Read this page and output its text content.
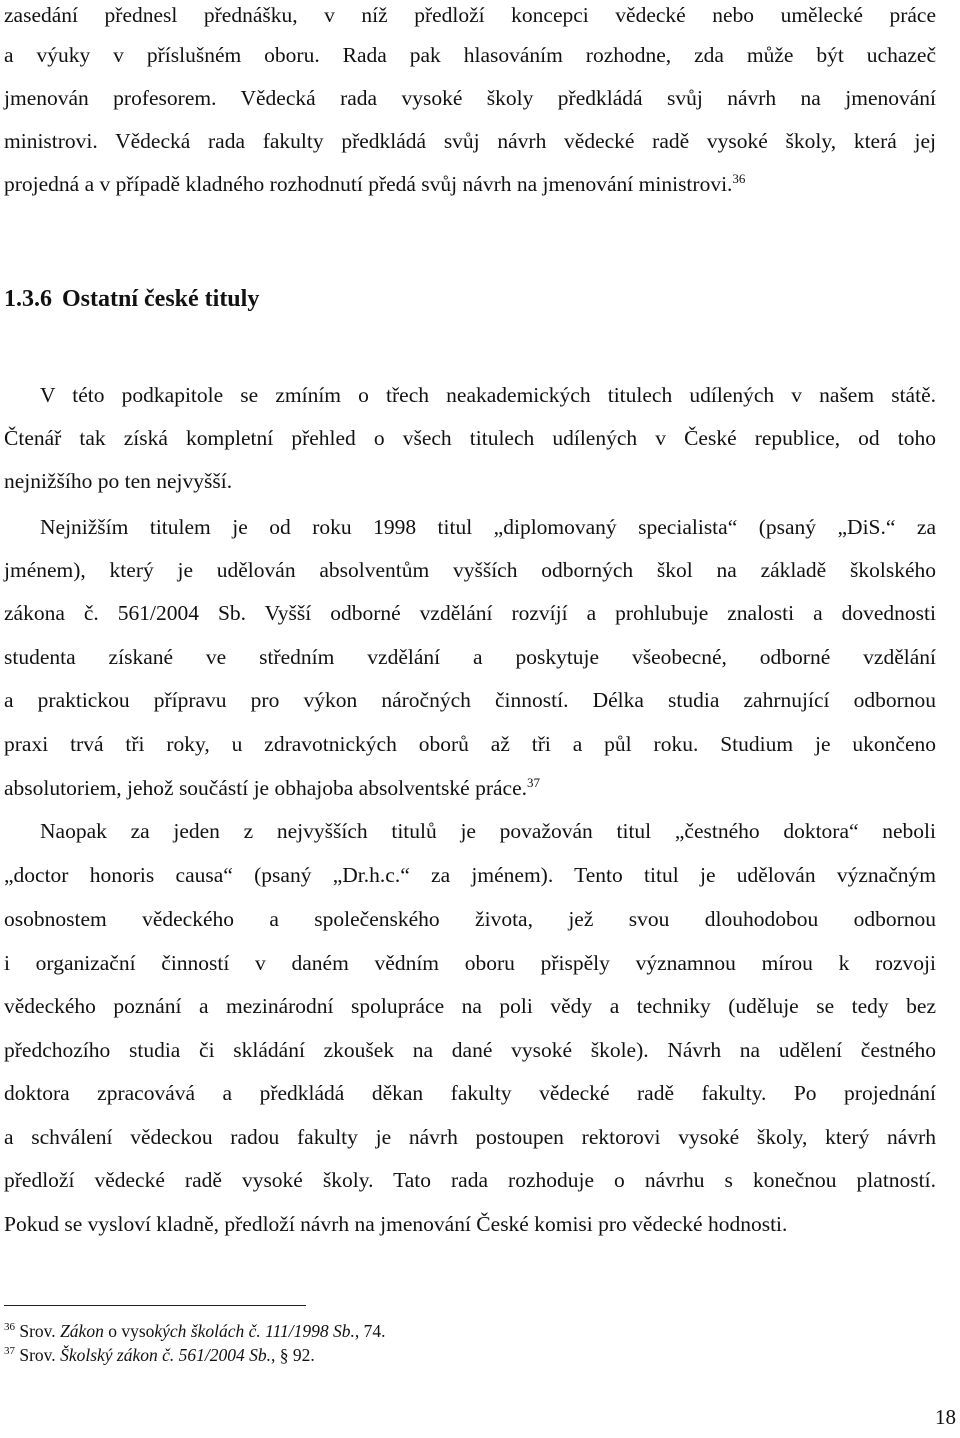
zasedání přednesl přednášku, v níž předloží koncepci vědecké nebo umělecké práce
a výuky v příslušném oboru. Rada pak hlasováním rozhodne, zda může být uchazeč
jmenován profesorem. Vědecká rada vysoké školy předkládá svůj návrh na jmenování
ministrovi. Vědecká rada fakulty předkládá svůj návrh vědecké radě vysoké školy, která jej
projedná a v případě kladného rozhodnutí předá svůj návrh na jmenování ministrovi.$^{36}$
1.3.6 Ostatní české tituly
V této podkapitole se zmíním o třech neakademických titulech udílených v našem státě.
Čtenář tak získá kompletní přehled o všech titulech udílených v České republice, od toho
nejnižšího po ten nejvyšší.
Nejnižším titulem je od roku 1998 titul „diplomovaný specialista“ (psaný „DiS.“ za
jménem), který je udělován absolventům vyšších odborných škol na základě školského
zákona č. 561/2004 Sb. Vyšší odborné vzdělání rozvíjí a prohlubuje znalosti a dovednosti
studenta získané ve středním vzdělání a poskytuje všeobecné, odborné vzdělání
a praktickou přípravu pro výkon náročných činností. Délka studia zahrnující odbornou
praxi trvá tři roky, u zdravotnických oborů až tři a půl roku. Studium je ukončeno
absolutoriem, jehož součástí je obhajoba absolventské práce.$^{37}$
Naopak za jeden z nejvyšších titulů je považován titul „čestného doktora“ neboli
„doctor honoris causa“ (psaný „Dr.h.c.“ za jménem). Tento titul je udělován význačným
osobnostem vědeckého a společenského života, jež svou dlouhodobou odbornou
i organizační činností v daném vědním oboru přispěly významnou mírou k rozvoji
vědeckého poznání a mezinárodní spolupráce na poli vědy a techniky (uděluje se tedy bez
předchozího studia či skládání zkoušek na dané vysoké škole). Návrh na udělení čestného
doktora zpracovává a předkládá děkan fakulty vědecké radě fakulty. Po projednání
a schválení vědeckou radou fakulty je návrh postoupen rektorovi vysoké školy, který návrh
předloží vědecké radě vysoké školy. Tato rada rozhoduje o návrhu s konečnou platností.
Pokud se vysloví kladně, předloží návrh na jmenování České komisi pro vědecké hodnosti.
$^{36}$ Srov. Zákon o vysokých školách č. 111/1998 Sb., 74.
$^{37}$ Srov. Školský zákon č. 561/2004 Sb., § 92.
18
